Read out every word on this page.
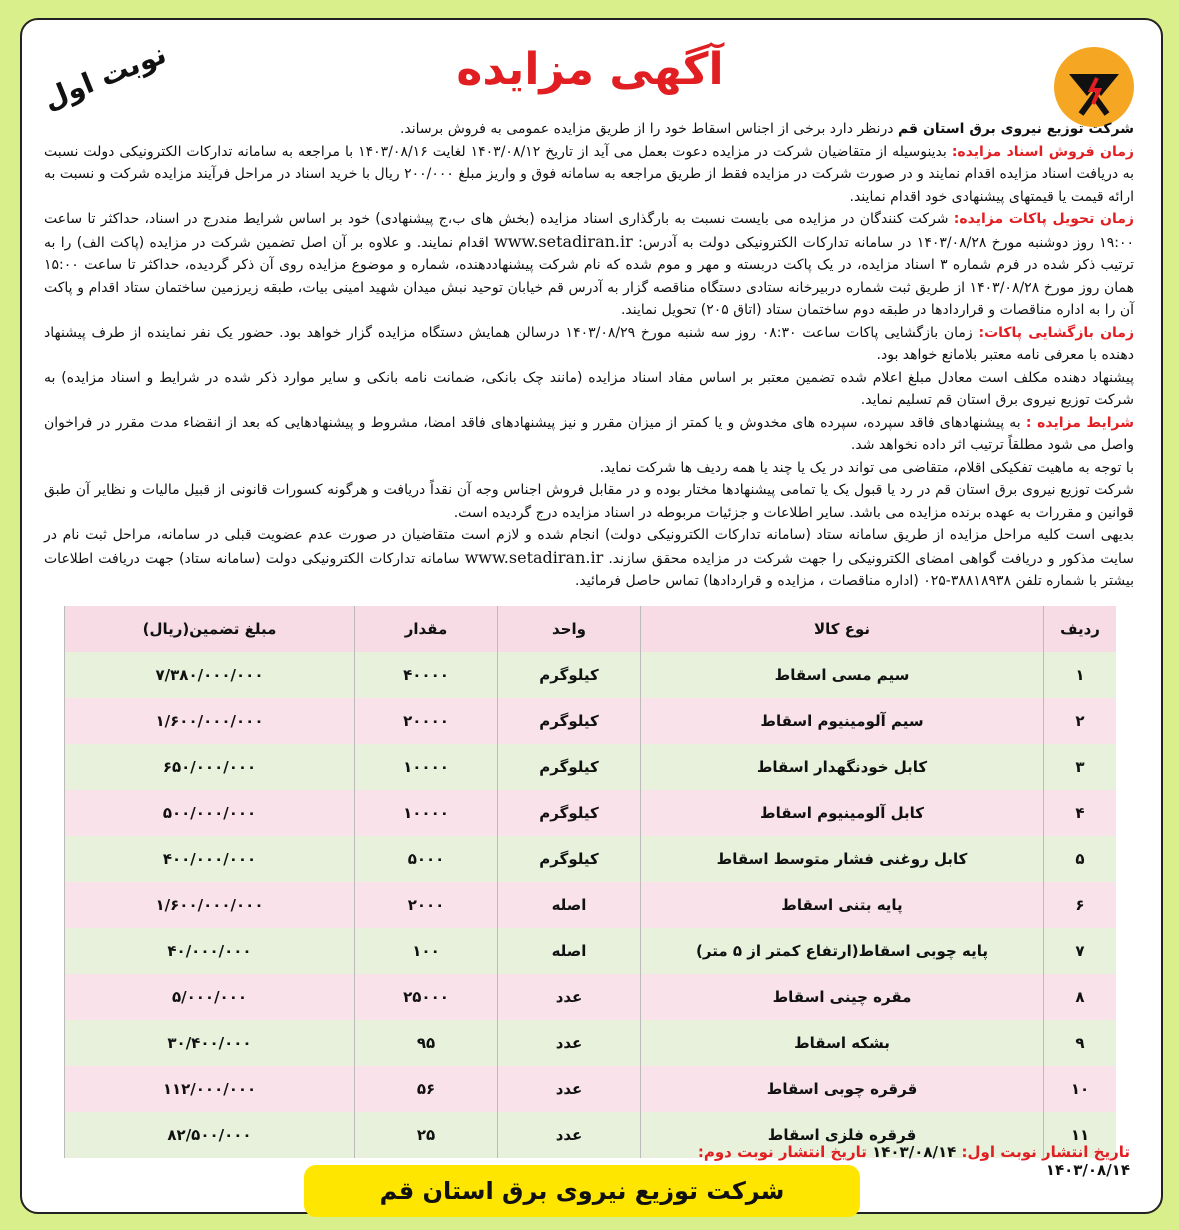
نوبت اول	آگهی مزایده

شرکت توزیع نیروی برق استان قم درنظر دارد برخی از اجناس اسقاط خود را از طریق مزایده عمومی به فروش برساند.

زمان فروش اسناد مزایده: بدینوسیله از متقاضیان شرکت در مزایده دعوت بعمل می آید از تاریخ ۱۴۰۳/۰۸/۱۲ لغایت ۱۴۰۳/۰۸/۱۶ با مراجعه به سامانه تدارکات الکترونیکی دولت نسبت به دریافت اسناد مزایده اقدام نمایند و در صورت شرکت در مزایده فقط از طریق مراجعه به سامانه فوق و واریز مبلغ ۲۰۰/۰۰۰ ریال با خرید اسناد در مراحل فرآیند مزایده شرکت و نسبت به ارائه قیمت یا قیمتهای پیشنهادی خود اقدام نمایند.

زمان تحویل پاکات مزایده: شرکت کنندگان در مزایده می بایست نسبت به بارگذاری اسناد مزایده (بخش های ب،ج پیشنهادی) خود بر اساس شرایط مندرج در اسناد، حداکثر تا ساعت ۱۹:۰۰ روز دوشنبه مورخ ۱۴۰۳/۰۸/۲۸ در سامانه تدارکات الکترونیکی دولت به آدرس: www.setadiran.ir اقدام نمایند. و علاوه بر آن اصل تضمین شرکت در مزایده (پاکت الف) را به ترتیب ذکر شده در فرم شماره ۳ اسناد مزایده، در یک پاکت دربسته و مهر و موم شده که نام شرکت پیشنهاددهنده، شماره و موضوع مزایده روی آن ذکر گردیده، حداکثر تا ساعت ۱۵:۰۰ همان روز مورخ ۱۴۰۳/۰۸/۲۸ از طریق ثبت شماره دربیرخانه ستادی دستگاه مناقصه گزار به آدرس قم خیابان توحید نبش میدان شهید امینی بیات، طبقه زیرزمین ساختمان ستاد اقدام و پاکت آن را به اداره مناقصات و قراردادها در طبقه دوم ساختمان ستاد (اتاق ۲۰۵) تحویل نمایند.

زمان بازگشایی پاکات: زمان بازگشایی پاکات ساعت ۰۸:۳۰ روز سه شنبه مورخ ۱۴۰۳/۰۸/۲۹ درسالن همایش دستگاه مزایده گزار خواهد بود. حضور یک نفر نماینده از طرف پیشنهاد دهنده با معرفی نامه معتبر بلامانع خواهد بود.

پیشنهاد دهنده مکلف است معادل مبلغ اعلام شده تضمین معتبر بر اساس مفاد اسناد مزایده (مانند چک بانکی، ضمانت نامه بانکی و سایر موارد ذکر شده در شرایط و اسناد مزایده) به شرکت توزیع نیروی برق استان قم تسلیم نماید.

شرایط مزایده : به پیشنهادهای فاقد سپرده، سپرده های مخدوش و یا کمتر از میزان مقرر و نیز پیشنهادهای فاقد امضا، مشروط و پیشنهادهایی که بعد از انقضاء مدت مقرر در فراخوان واصل می شود مطلقاً ترتیب اثر داده نخواهد شد.

با توجه به ماهیت تفکیکی اقلام، متقاضی می تواند در یک یا چند یا همه ردیف ها شرکت نماید.

شرکت توزیع نیروی برق استان قم در رد یا قبول یک یا تمامی پیشنهادها مختار بوده و در مقابل فروش اجناس وجه آن نقداً دریافت و هرگونه کسورات قانونی از قبیل مالیات و نظایر آن طبق قوانین و مقررات به عهده برنده مزایده می باشد. سایر اطلاعات و جزئیات مربوطه در اسناد مزایده درج گردیده است.

بدیهی است کلیه مراحل مزایده از طریق سامانه ستاد (سامانه تدارکات الکترونیکی دولت) انجام شده و لازم است متقاضیان در صورت عدم عضویت قبلی در سامانه، مراحل ثبت نام در سایت مذکور و دریافت گواهی امضای الکترونیکی را جهت شرکت در مزایده محقق سازند. www.setadiran.ir سامانه تدارکات الکترونیکی دولت (سامانه ستاد) جهت دریافت اطلاعات بیشتر با شماره تلفن ۳۸۸۱۸۹۳۸-۰۲۵ (اداره مناقصات ، مزایده و قراردادها) تماس حاصل فرمائید.

ردیف	نوع کالا	واحد	مقدار	مبلغ تضمین(ریال)
۱	سیم مسی اسقاط	کیلوگرم	۴۰۰۰۰	۷/۳۸۰/۰۰۰/۰۰۰
۲	سیم آلومینیوم اسقاط	کیلوگرم	۲۰۰۰۰	۱/۶۰۰/۰۰۰/۰۰۰
۳	کابل خودنگهدار اسقاط	کیلوگرم	۱۰۰۰۰	۶۵۰/۰۰۰/۰۰۰
۴	کابل آلومینیوم اسقاط	کیلوگرم	۱۰۰۰۰	۵۰۰/۰۰۰/۰۰۰
۵	کابل روغنی فشار متوسط اسقاط	کیلوگرم	۵۰۰۰	۴۰۰/۰۰۰/۰۰۰
۶	پایه بتنی اسقاط	اصله	۲۰۰۰	۱/۶۰۰/۰۰۰/۰۰۰
۷	پایه چوبی اسقاط(ارتفاع کمتر از ۵ متر)	اصله	۱۰۰	۴۰/۰۰۰/۰۰۰
۸	مقره چینی اسقاط	عدد	۲۵۰۰۰	۵/۰۰۰/۰۰۰
۹	بشکه اسقاط	عدد	۹۵	۳۰/۴۰۰/۰۰۰
۱۰	قرقره چوبی اسقاط	عدد	۵۶	۱۱۲/۰۰۰/۰۰۰
۱۱	قرقره فلزی اسقاط	عدد	۲۵	۸۲/۵۰۰/۰۰۰
تاریخ انتشار نوبت اول: ۱۴۰۳/۰۸/۱۴ تاریخ انتشار نوبت دوم: ۱۴۰۳/۰۸/۱۴
شرکت توزیع نیروی برق استان قم
